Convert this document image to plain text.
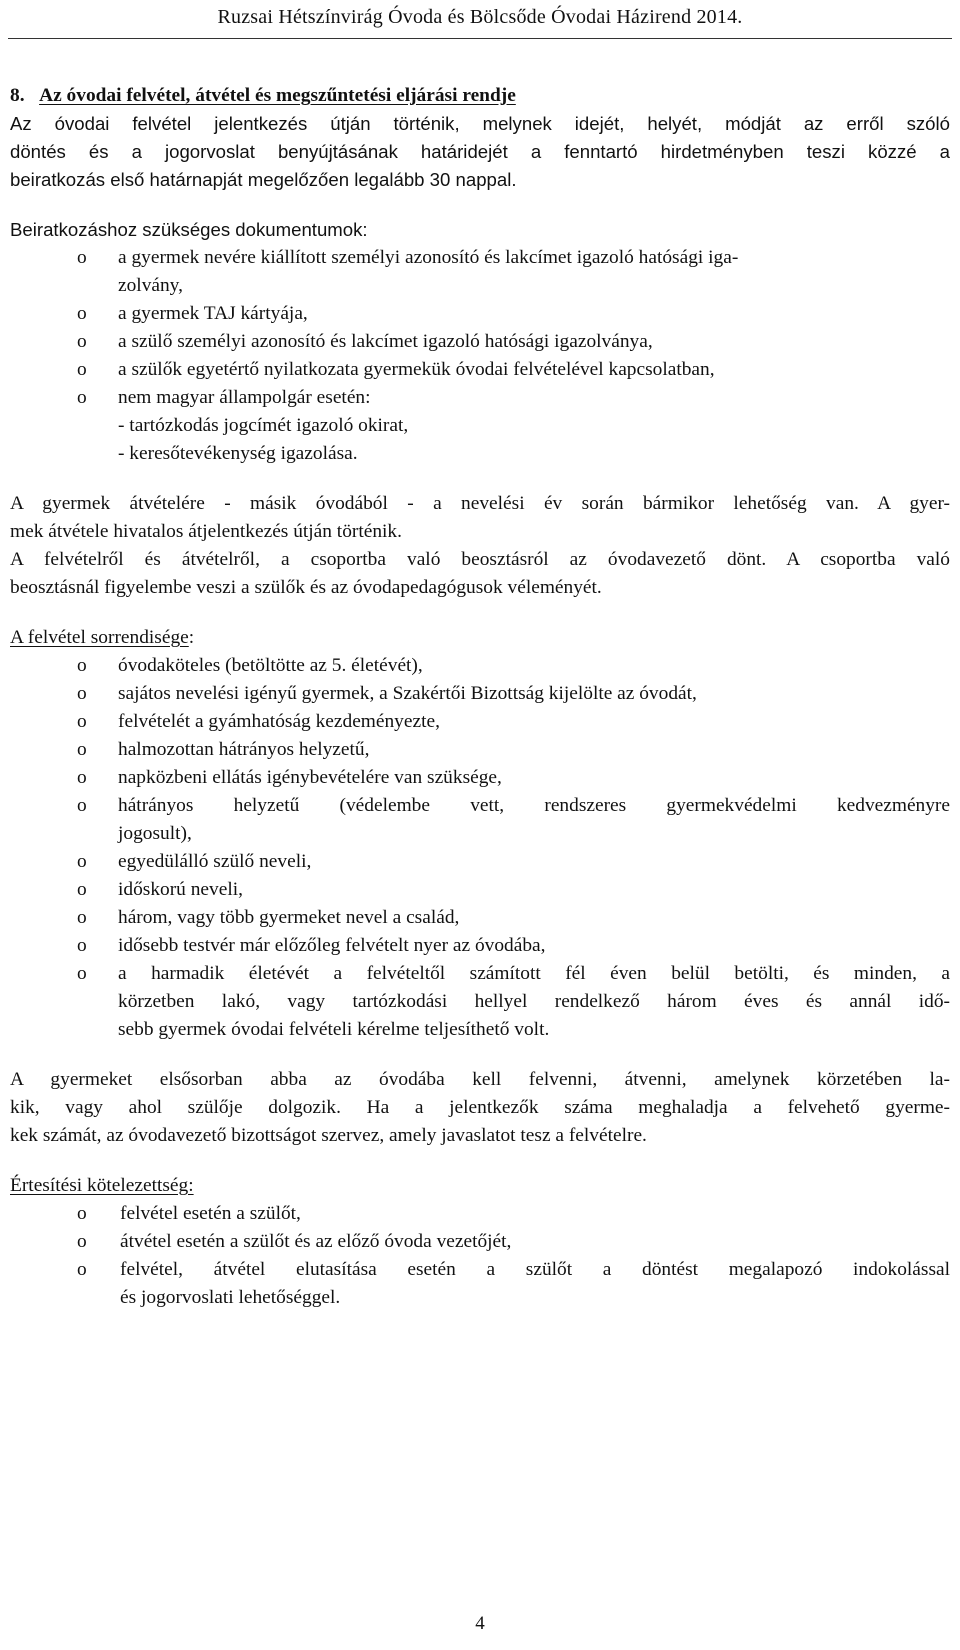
Ruzsai Hétszínvirág Óvoda és Bölcsőde Óvodai Házirend 2014.
8. Az óvodai felvétel, átvétel és megszűntetési eljárási rendje
Az óvodai felvétel jelentkezés útján történik, melynek idejét, helyét, módját az erről szóló
döntés és a jogorvoslat benyújtásának határidejét a fenntartó hirdetményben teszi közzé a
beiratkozás első határnapját megelőzően legalább 30 nappal.
Beiratkozáshoz szükséges dokumentumok:
o a gyermek nevére kiállított személyi azonosító és lakcímet igazoló hatósági iga-
zolvány,
o a gyermek TAJ kártyája,
o a szülő személyi azonosító és lakcímet igazoló hatósági igazolványa,
o a szülők egyetértő nyilatkozata gyermekük óvodai felvételével kapcsolatban,
o nem magyar állampolgár esetén:
- tartózkodás jogcímét igazoló okirat,
- keresőtevékenység igazolása.
A gyermek átvételére - másik óvodából - a nevelési év során bármikor lehetőség van. A gyer-
mek átvétele hivatalos átjelentkezés útján történik.
A felvételről és átvételről, a csoportba való beosztásról az óvodavezető dönt. A csoportba való
beosztásnál figyelembe veszi a szülők és az óvodapedagógusok véleményét.
A felvétel sorrendisége:
o óvodaköteles (betöltötte az 5. életévét),
o sajátos nevelési igényű gyermek, a Szakértői Bizottság kijelölte az óvodát,
o felvételét a gyámhatóság kezdeményezte,
o halmozottan hátrányos helyzetű,
o napközbeni ellátás igénybevételére van szüksége,
o hátrányos helyzetű (védelembe vett, rendszeres gyermekvédelmi kedvezményre
jogosult),
o egyedülálló szülő neveli,
o időskorú neveli,
o három, vagy több gyermeket nevel a család,
o idősebb testvér már előzőleg felvételt nyer az óvodába,
o a harmadik életévét a felvételtől számított fél éven belül betölti, és minden, a
körzetben lakó, vagy tartózkodási hellyel rendelkező három éves és annál idő-
sebb gyermek óvodai felvételi kérelme teljesíthető volt.
A gyermeket elsősorban abba az óvodába kell felvenni, átvenni, amelynek körzetében la-
kik, vagy ahol szülője dolgozik. Ha a jelentkezők száma meghaladja a felvehető gyerme-
kek számát, az óvodavezető bizottságot szervez, amely javaslatot tesz a felvételre.
Értesítési kötelezettség:
o felvétel esetén a szülőt,
o átvétel esetén a szülőt és az előző óvoda vezetőjét,
o felvétel, átvétel elutasítása esetén a szülőt a döntést megalapozó indokolással
és jogorvoslati lehetőséggel.
4
